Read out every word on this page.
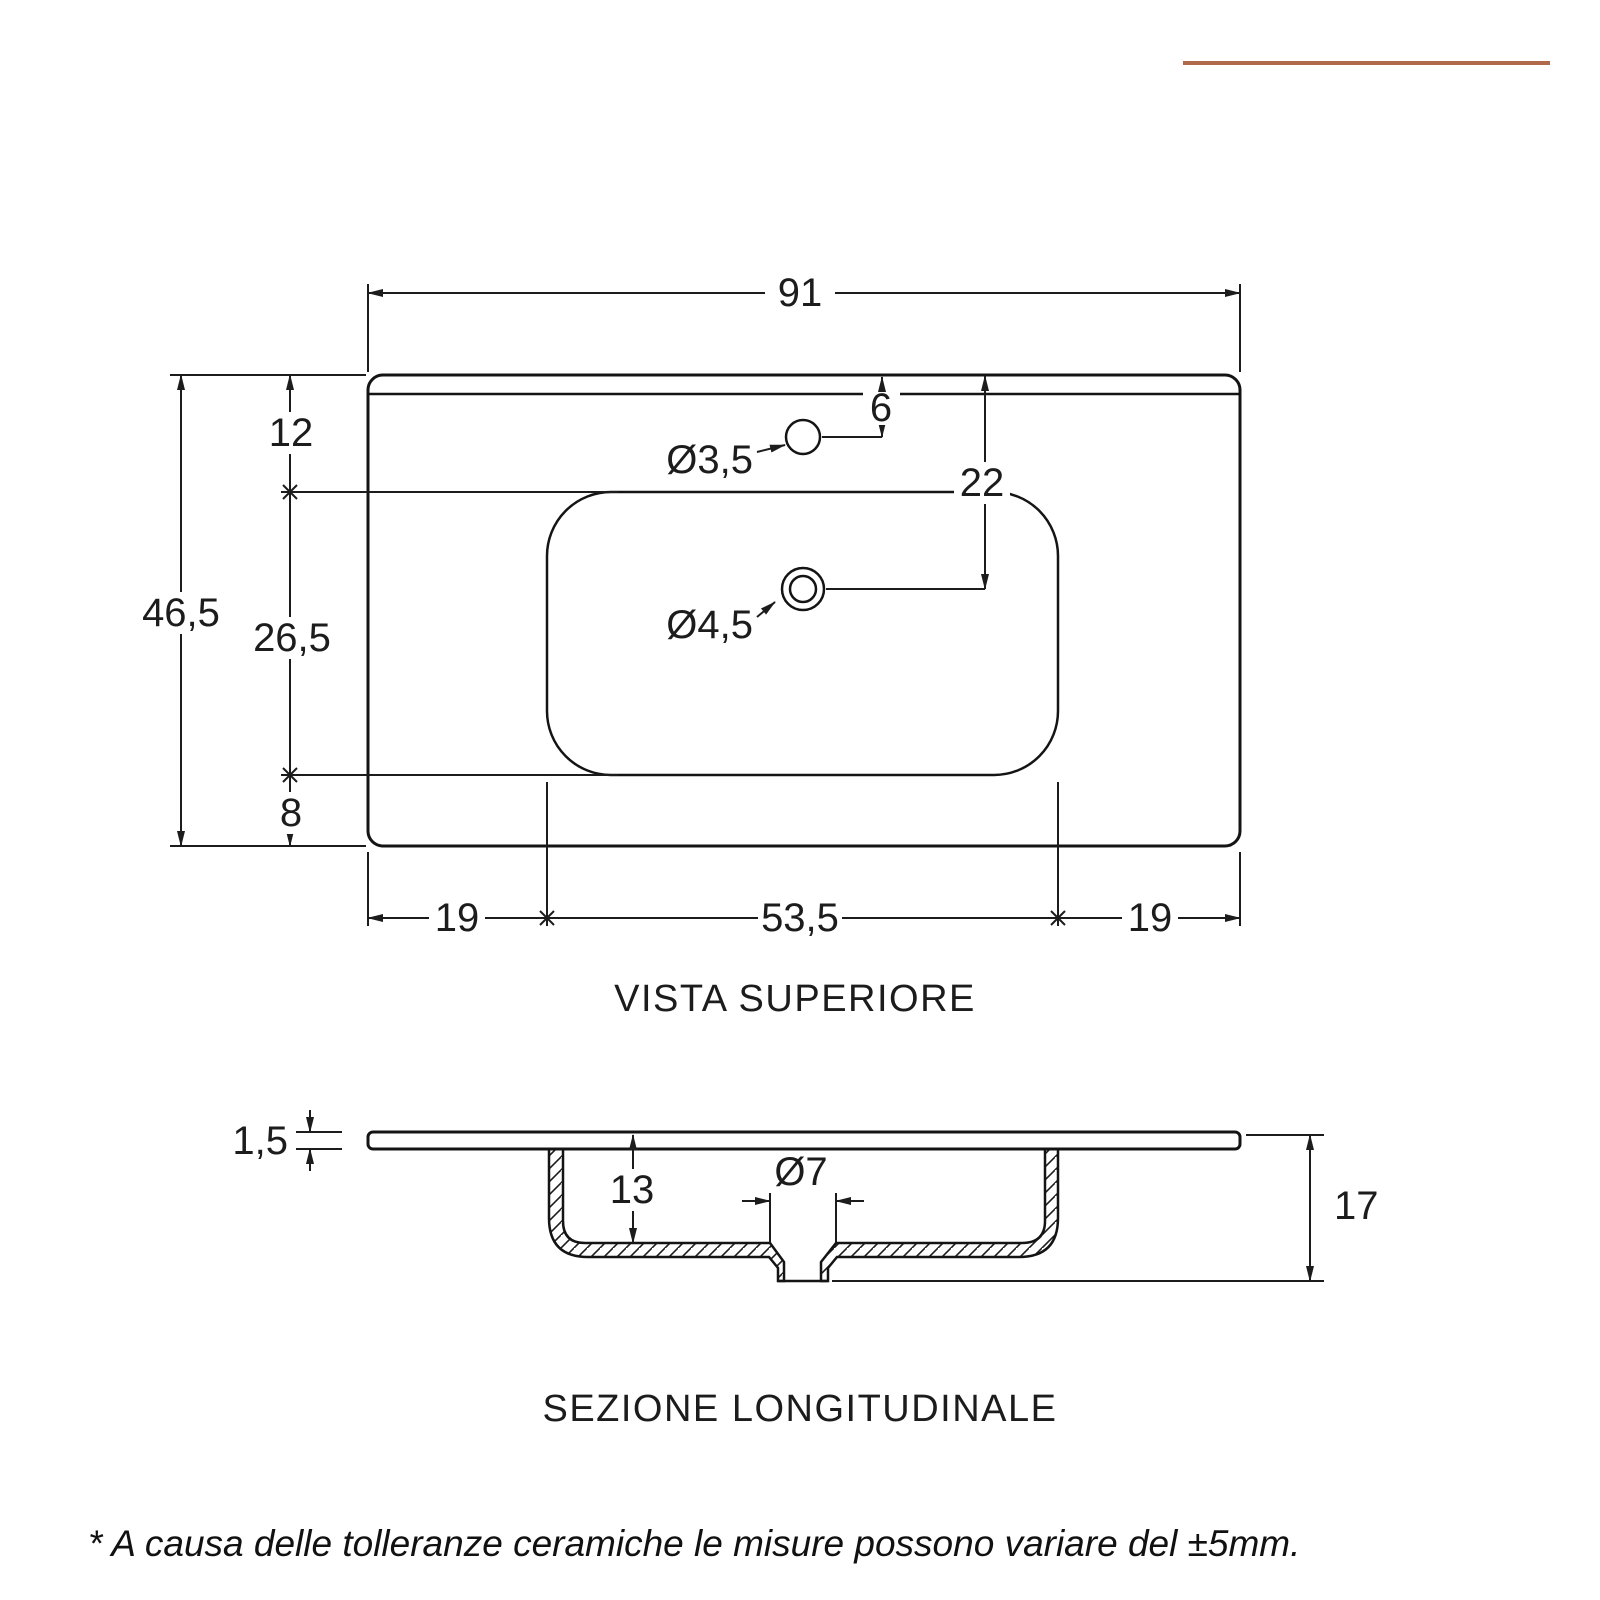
91
46,5
12
26,5
8
6
22
Ø3,5
Ø4,5
19	53,5	19
VISTA SUPERIORE
1,5
13	Ø7
17
SEZIONE LONGITUDINALE
* A causa delle tolleranze ceramiche le misure possono variare del ±5mm.
